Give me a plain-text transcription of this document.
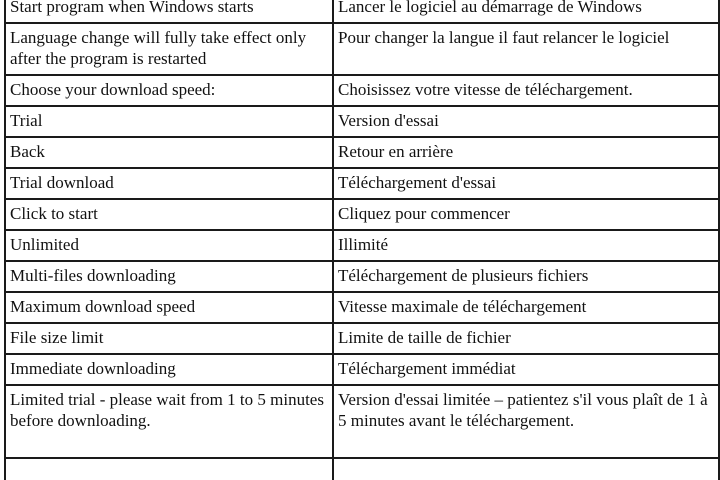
Start program when Windows starts	Lancer le logiciel au démarrage de Windows
Language change will fully take effect only after the program is restarted	Pour changer la langue il faut relancer le logiciel
Choose your download speed:	Choisissez votre vitesse de téléchargement.
Trial	Version d'essai
Back	Retour en arrière
Trial download	Téléchargement d'essai
Click to start	Cliquez pour commencer
Unlimited	Illimité
Multi-files downloading	Téléchargement de plusieurs fichiers
Maximum download speed	Vitesse maximale de téléchargement
File size limit	Limite de taille de fichier
Immediate downloading	Téléchargement immédiat
Limited trial - please wait from 1 to 5 minutes before downloading.	Version d'essai limitée – patientez s'il vous plaît de 1 à 5 minutes avant le téléchargement.
